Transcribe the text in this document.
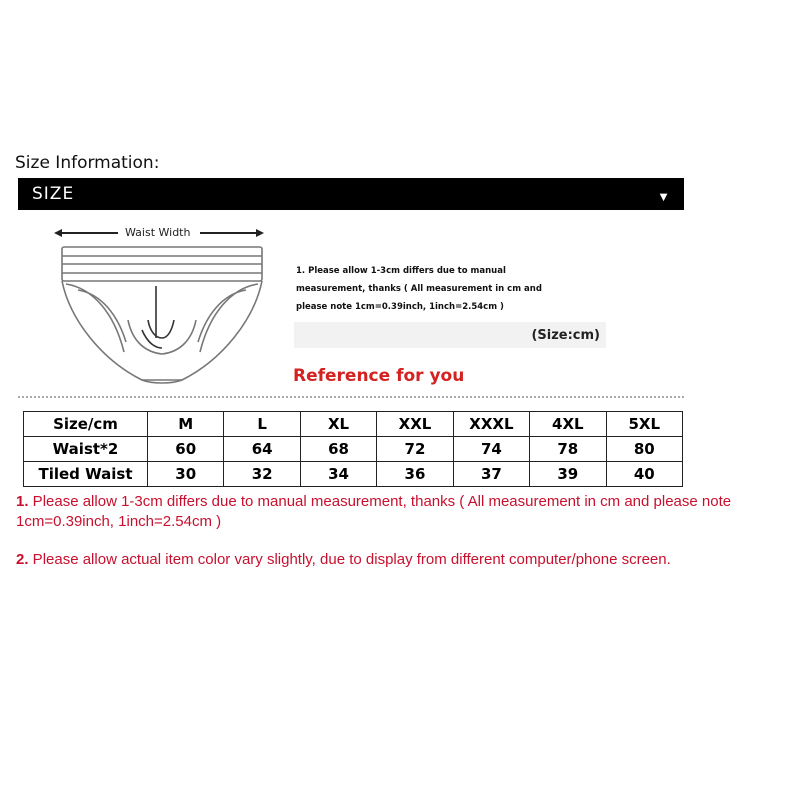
Size Information:
SIZE	▼
Waist Width
1. Please allow 1-3cm differs due to manual
measurement, thanks ( All measurement in cm and
please note 1cm=0.39inch, 1inch=2.54cm )
(Size:cm)
Reference for you
Size/cm	M	L	XL	XXL	XXXL	4XL	5XL
Waist*2	60	64	68	72	74	78	80
Tiled Waist	30	32	34	36	37	39	40
1. Please allow 1-3cm differs due to manual measurement, thanks ( All measurement in cm and please note 1cm=0.39inch, 1inch=2.54cm )
2. Please allow actual item color vary slightly, due to display from different computer/phone screen.
